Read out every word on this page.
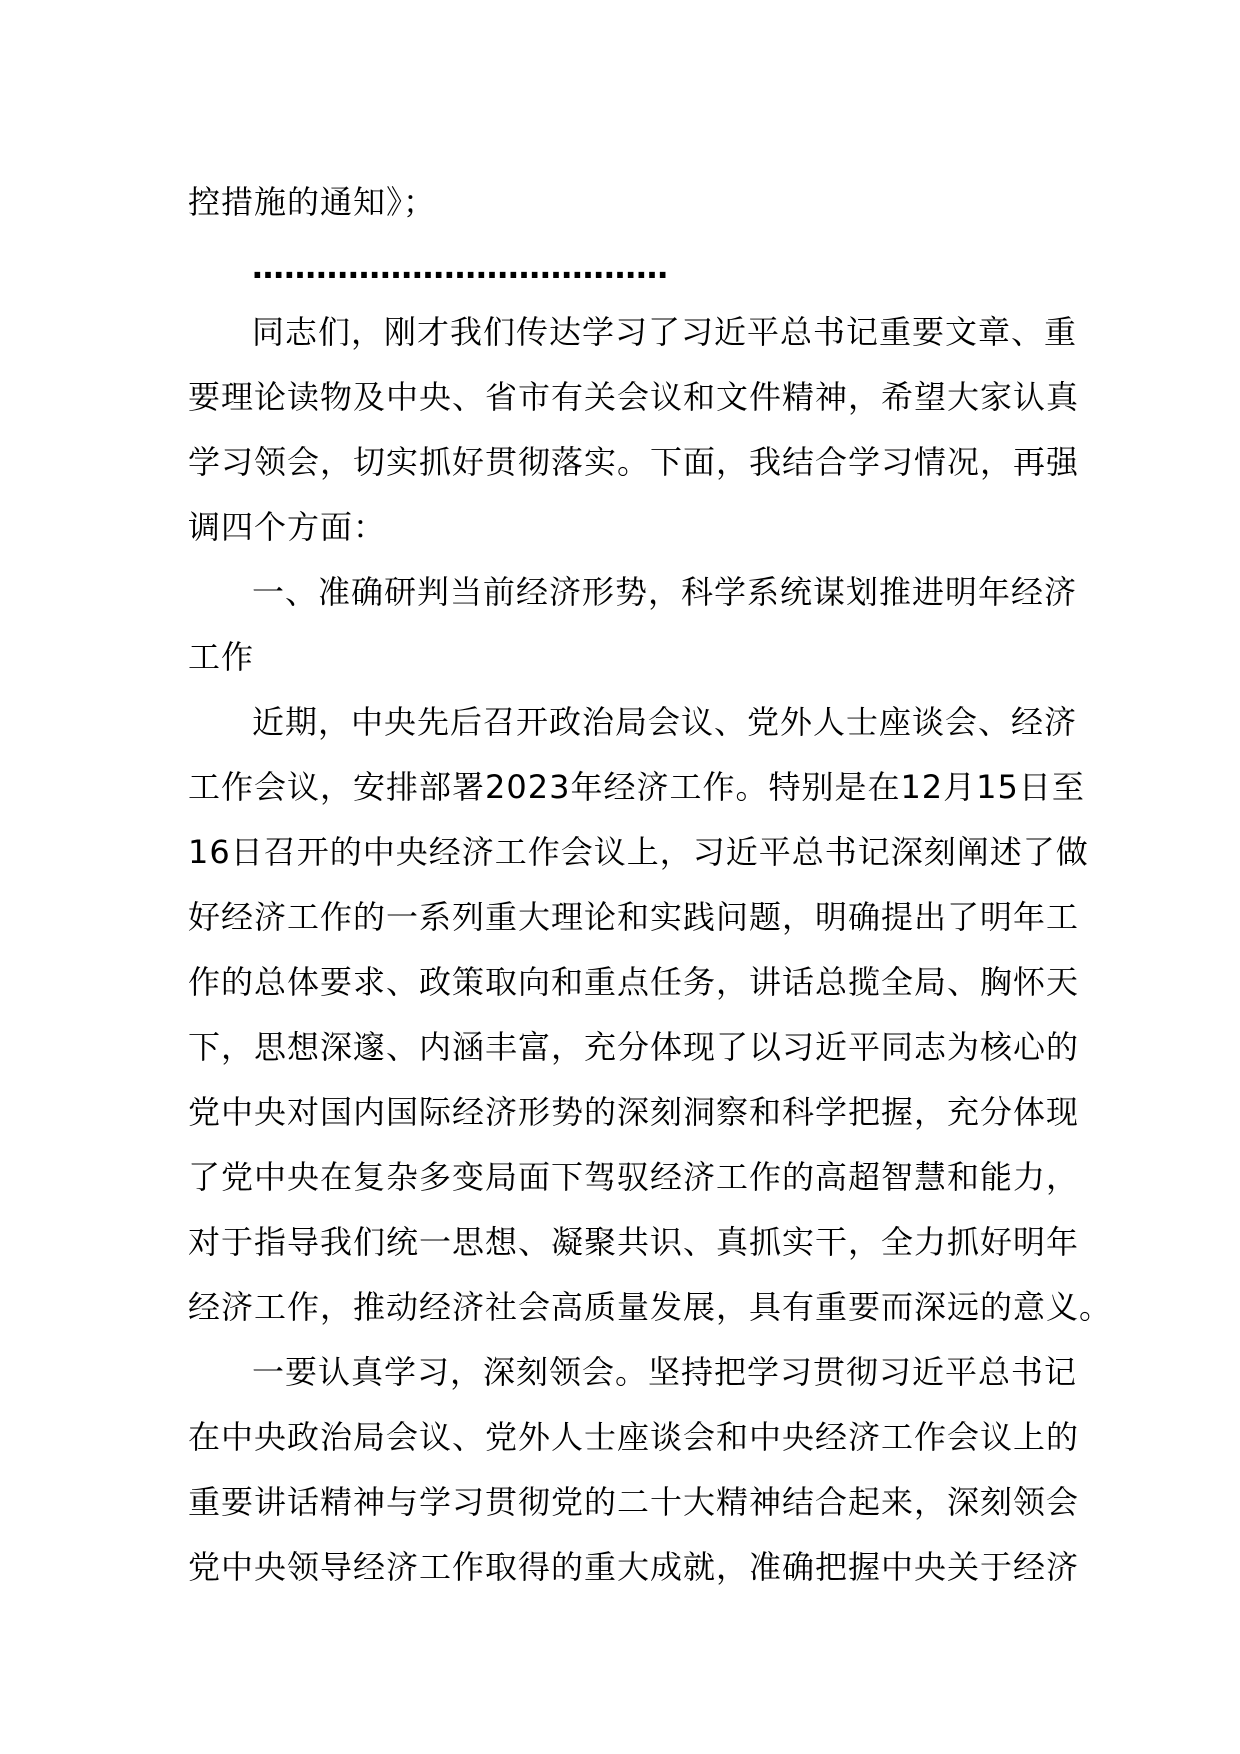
控措施的通知》；
…………………………………
同志们，刚才我们传达学习了习近平总书记重要文章、重
要理论读物及中央、省市有关会议和文件精神，希望大家认真
学习领会，切实抓好贯彻落实。下面，我结合学习情况，再强
调四个方面：
一、准确研判当前经济形势，科学系统谋划推进明年经济
工作
近期，中央先后召开政治局会议、党外人士座谈会、经济
工作会议，安排部署2023年经济工作。特别是在12月15日至
16日召开的中央经济工作会议上，习近平总书记深刻阐述了做
好经济工作的一系列重大理论和实践问题，明确提出了明年工
作的总体要求、政策取向和重点任务，讲话总揽全局、胸怀天
下，思想深邃、内涵丰富，充分体现了以习近平同志为核心的
党中央对国内国际经济形势的深刻洞察和科学把握，充分体现
了党中央在复杂多变局面下驾驭经济工作的高超智慧和能力，
对于指导我们统一思想、凝聚共识、真抓实干，全力抓好明年
经济工作，推动经济社会高质量发展，具有重要而深远的意义。
一要认真学习，深刻领会。坚持把学习贯彻习近平总书记
在中央政治局会议、党外人士座谈会和中央经济工作会议上的
重要讲话精神与学习贯彻党的二十大精神结合起来，深刻领会
党中央领导经济工作取得的重大成就，准确把握中央关于经济
